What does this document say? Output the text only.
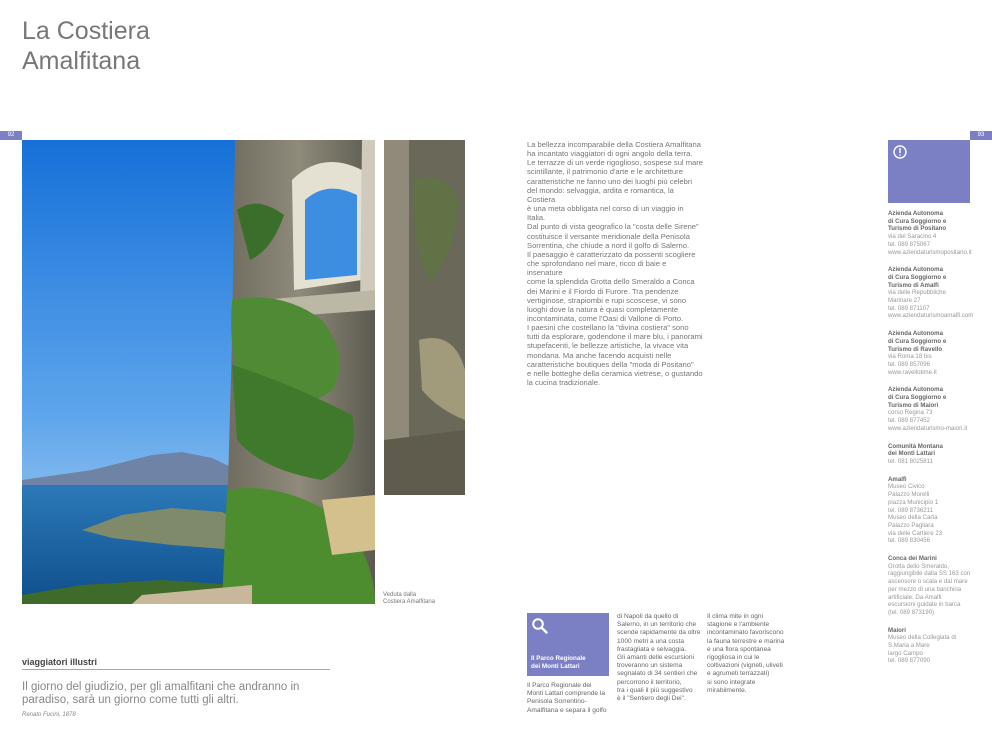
La Costiera
Amalfitana
92	93
Veduta dalla
Costiera Amalfitana
La bellezza incomparabile della Costiera Amalfitana
ha incantato viaggiatori di ogni angolo della terra.
Le terrazze di un verde rigoglioso, sospese sul mare
scintillante, il patrimonio d'arte e le architetture
caratteristiche ne fanno uno dei luoghi più celebri
del mondo: selvaggia, ardita e romantica, la Costiera
è una meta obbligata nel corso di un viaggio in
Italia.
Dal punto di vista geografico la "costa delle Sirene"
costituisce il versante meridionale della Penisola
Sorrentina, che chiude a nord il golfo di Salerno.
Il paesaggio è caratterizzato da possenti scogliere
che sprofondano nel mare, ricco di baie e insenature
come la splendida Grotta dello Smeraldo a Conca
dei Marini e il Fiordo di Furore. Tra pendenze
vertiginose, strapiombi e rupi scoscese, vi sono
luoghi dove la natura è quasi completamente
incontaminata, come l'Oasi di Vallone di Porto.
I paesini che costellano la "divina costiera" sono
tutti da esplorare, godendone il mare blu, i panorami
stupefacenti, le bellezze artistiche, la vivace vita
mondana. Ma anche facendo acquisti nelle
caratteristiche boutiques della "moda di Positano"
e nelle botteghe della ceramica vietrese, o gustando
la cucina tradizionale.
Azienda Autonoma
di Cura Soggiorno e
Turismo di Positano
via del Saracino 4
tel. 089 875067
www.aziendaturismopositano.it
Azienda Autonoma
di Cura Soggiorno e
Turismo di Amalfi
via delle Repubbliche
Marinare 27
tel. 089 871107
www.aziendaturismoamalfi.com
Azienda Autonoma
di Cura Soggiorno e
Turismo di Ravello
via Roma 18 bis
tel. 089 857096
www.ravellotime.it
Azienda Autonoma
di Cura Soggiorno e
Turismo di Maiori
corso Regina 73
tel. 089 877452
www.aziendaturismo-maiori.it
Comunità Montana
dei Monti Lattari
tel. 081 8025811
Amalfi
Museo Civico
Palazzo Morelli
piazza Municipio 1
tel. 089 8736211
Museo della Carta
Palazzo Pagliara
via delle Cartiere 23
tel. 089 830456
Conca dei Marini
Grotta dello Smeraldo,
raggiungibile dalla SS 163 con
ascensore o scala e dal mare
per mezzo di una banchina
artificiale. Da Amalfi
escursioni guidate in barca
(tel. 089 873190)
Maiori
Museo della Collegiata di
S.Maria a Mare
largo Campo
tel. 089 877090
viaggiatori illustri
Il giorno del giudizio, per gli amalfitani che andranno in paradiso, sarà un giorno come tutti gli altri.
Renato Fucini, 1878
Il Parco Regionale
dei Monti Lattari
Il Parco Regionale dei
Monti Lattari comprende la
Penisola Sorrentino-
Amalfitana e separa il golfo
di Napoli da quello di
Salerno, in un territorio che
scende rapidamente da oltre
1000 metri a una costa
frastagliata e selvaggia.
Gli amanti delle escursioni
troveranno un sistema
segnalato di 34 sentieri che
percorrono il territorio,
tra i quali il più suggestivo
è il "Sentiero degli Dei".
Il clima mite in ogni
stagione e l'ambiente
incontaminato favoriscono
la fauna terrestre e marina
e una flora spontanea
rigogliosa in cui le
coltivazioni (vigneti, uliveti
e agrumeti terrazzati)
si sono integrate
mirabilmente.
